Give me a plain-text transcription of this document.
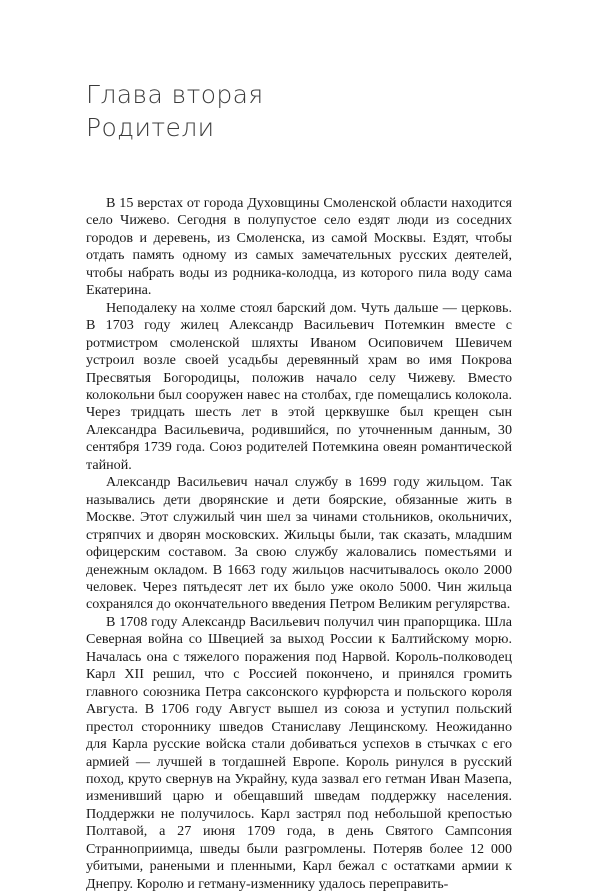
Глава вторая
Родители

В 15 верстах от города Духовщины Смоленской области находится село Чижево. Сегодня в полупустое село ездят люди из соседних городов и деревень, из Смоленска, из самой Москвы. Ездят, чтобы отдать память одному из самых замечательных русских деятелей, чтобы набрать воды из родника-колодца, из которого пила воду сама Екатерина.

Неподалеку на холме стоял барский дом. Чуть дальше — церковь. В 1703 году жилец Александр Васильевич Потемкин вместе с ротмистром смоленской шляхты Иваном Осиповичем Шевичем устроил возле своей усадьбы деревянный храм во имя Покрова Пресвятыя Богородицы, положив начало селу Чижеву. Вместо колокольни был сооружен навес на столбах, где помещались колокола. Через тридцать шесть лет в этой церквушке был крещен сын Александра Васильевича, родившийся, по уточненным данным, 30 сентября 1739 года. Союз родителей Потемкина овеян романтической тайной.

Александр Васильевич начал службу в 1699 году жильцом. Так назывались дети дворянские и дети боярские, обязанные жить в Москве. Этот служилый чин шел за чинами стольников, окольничих, стряпчих и дворян московских. Жильцы были, так сказать, младшим офицерским составом. За свою службу жаловались поместьями и денежным окладом. В 1663 году жильцов насчитывалось около 2000 человек. Через пятьдесят лет их было уже около 5000. Чин жильца сохранялся до окончательного введения Петром Великим регулярства.

В 1708 году Александр Васильевич получил чин прапорщика. Шла Северная война со Швецией за выход России к Балтийскому морю. Началась она с тяжелого поражения под Нарвой. Король-полководец Карл XII решил, что с Россией покончено, и принялся громить главного союзника Петра саксонского курфюрста и польского короля Августа. В 1706 году Август вышел из союза и уступил польский престол стороннику шведов Станиславу Лещинскому. Неожиданно для Карла русские войска стали добиваться успехов в стычках с его армией — лучшей в тогдашней Европе. Король ринулся в русский поход, круто свернув на Украйну, куда зазвал его гетман Иван Мазепа, изменивший царю и обещавший шведам поддержку населения. Поддержки не получилось. Карл застрял под небольшой крепостью Полтавой, а 27 июня 1709 года, в день Святого Сампсония Странноприимца, шведы были разгромлены. Потеряв более 12 000 убитыми, ранеными и пленными, Карл бежал с остатками армии к Днепру. Королю и гетману-изменнику удалось переправить-
